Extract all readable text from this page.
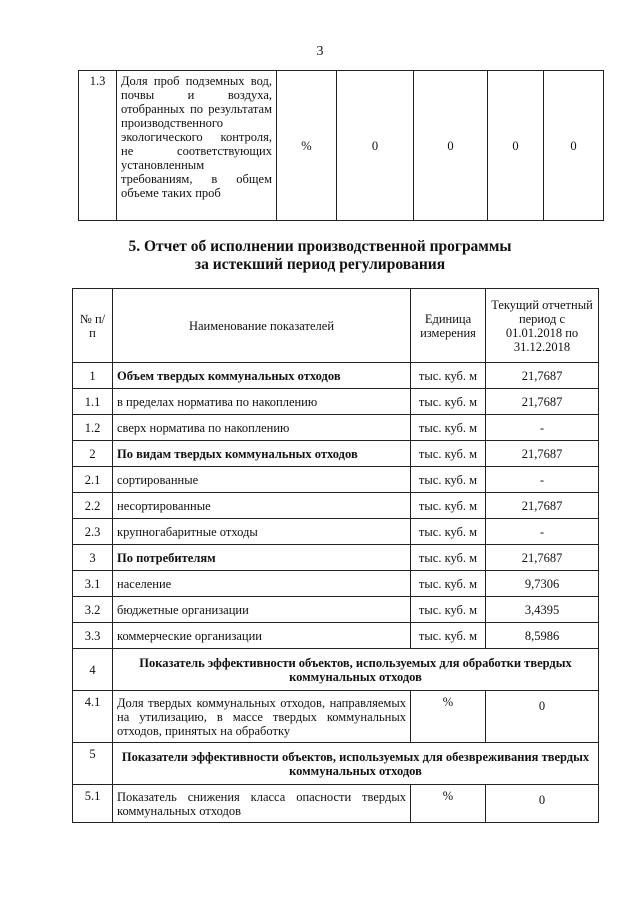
3
1.3	Доля проб подземных вод, почвы и воздуха, отобранных по результатам производственного экологического контроля, не соответствующих установленным требованиям, в общем объеме таких проб	%	0	0	0	0
5. Отчет об исполнении производственной программы
за истекший период регулирования
№ п/п	Наименование показателей	Единица измерения	Текущий отчетный период с 01.01.2018 по 31.12.2018
1	Объем твердых коммунальных отходов	тыс. куб. м	21,7687
1.1	в пределах норматива по накоплению	тыс. куб. м	21,7687
1.2	сверх норматива по накоплению	тыс. куб. м	-
2	По видам твердых коммунальных отходов	тыс. куб. м	21,7687
2.1	сортированные	тыс. куб. м	-
2.2	несортированные	тыс. куб. м	21,7687
2.3	крупногабаритные отходы	тыс. куб. м	-
3	По потребителям	тыс. куб. м	21,7687
3.1	население	тыс. куб. м	9,7306
3.2	бюджетные организации	тыс. куб. м	3,4395
3.3	коммерческие организации	тыс. куб. м	8,5986
4	Показатель эффективности объектов, используемых для обработки твердых коммунальных отходов		
4.1	Доля твердых коммунальных отходов, направляемых на утилизацию, в массе твердых коммунальных отходов, принятых на обработку	%	0
5	Показатели эффективности объектов, используемых для обезвреживания твердых коммунальных отходов		
5.1	Показатель снижения класса опасности твердых коммунальных отходов	%	0
